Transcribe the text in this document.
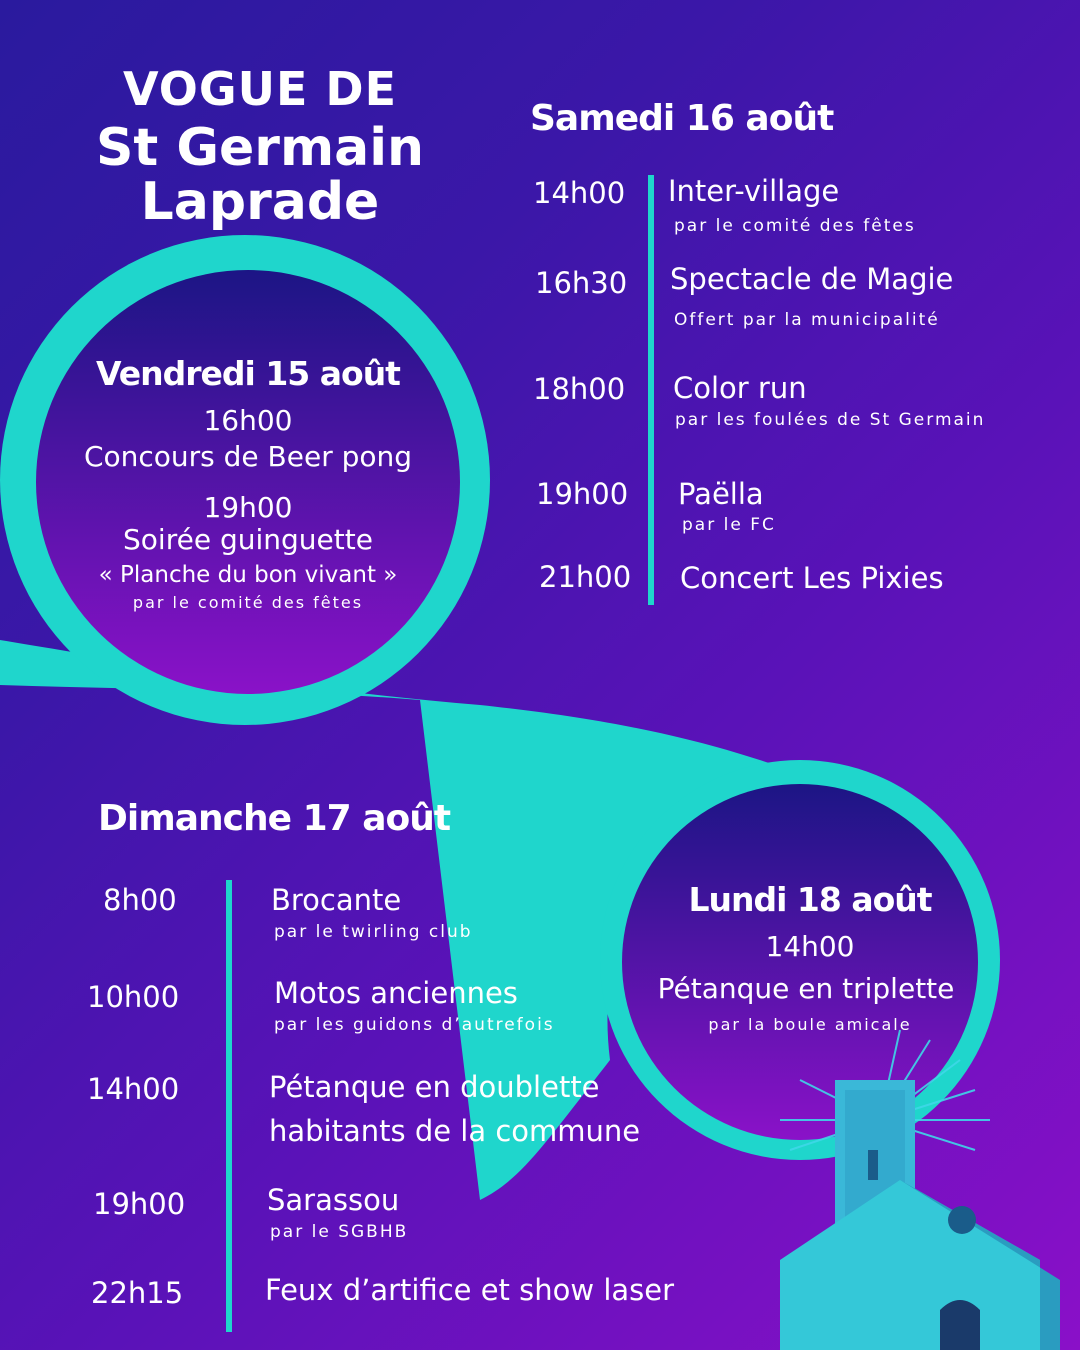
VOGUE DE
St Germain
Laprade
Vendredi 15 août
16h00
Concours de Beer pong
19h00
Soirée guinguette
« Planche du bon vivant »
par le comité des fêtes
Samedi 16 août
14h00 Inter-village
par le comité des fêtes
16h30 Spectacle de Magie
Offert par la municipalité
18h00 Color run
par les foulées de St Germain
19h00 Paëlla
par le FC
21h00 Concert Les Pixies
Dimanche 17 août
8h00	Brocante
par le twirling club
10h00	Motos anciennes
par les guidons d’autrefois
14h00	Pétanque en doublette
habitants de la commune
19h00	Sarassou
par le SGBHB
22h15	Feux d’artifice et show laser
Lundi 18 août
14h00
Pétanque en triplette
par la boule amicale
